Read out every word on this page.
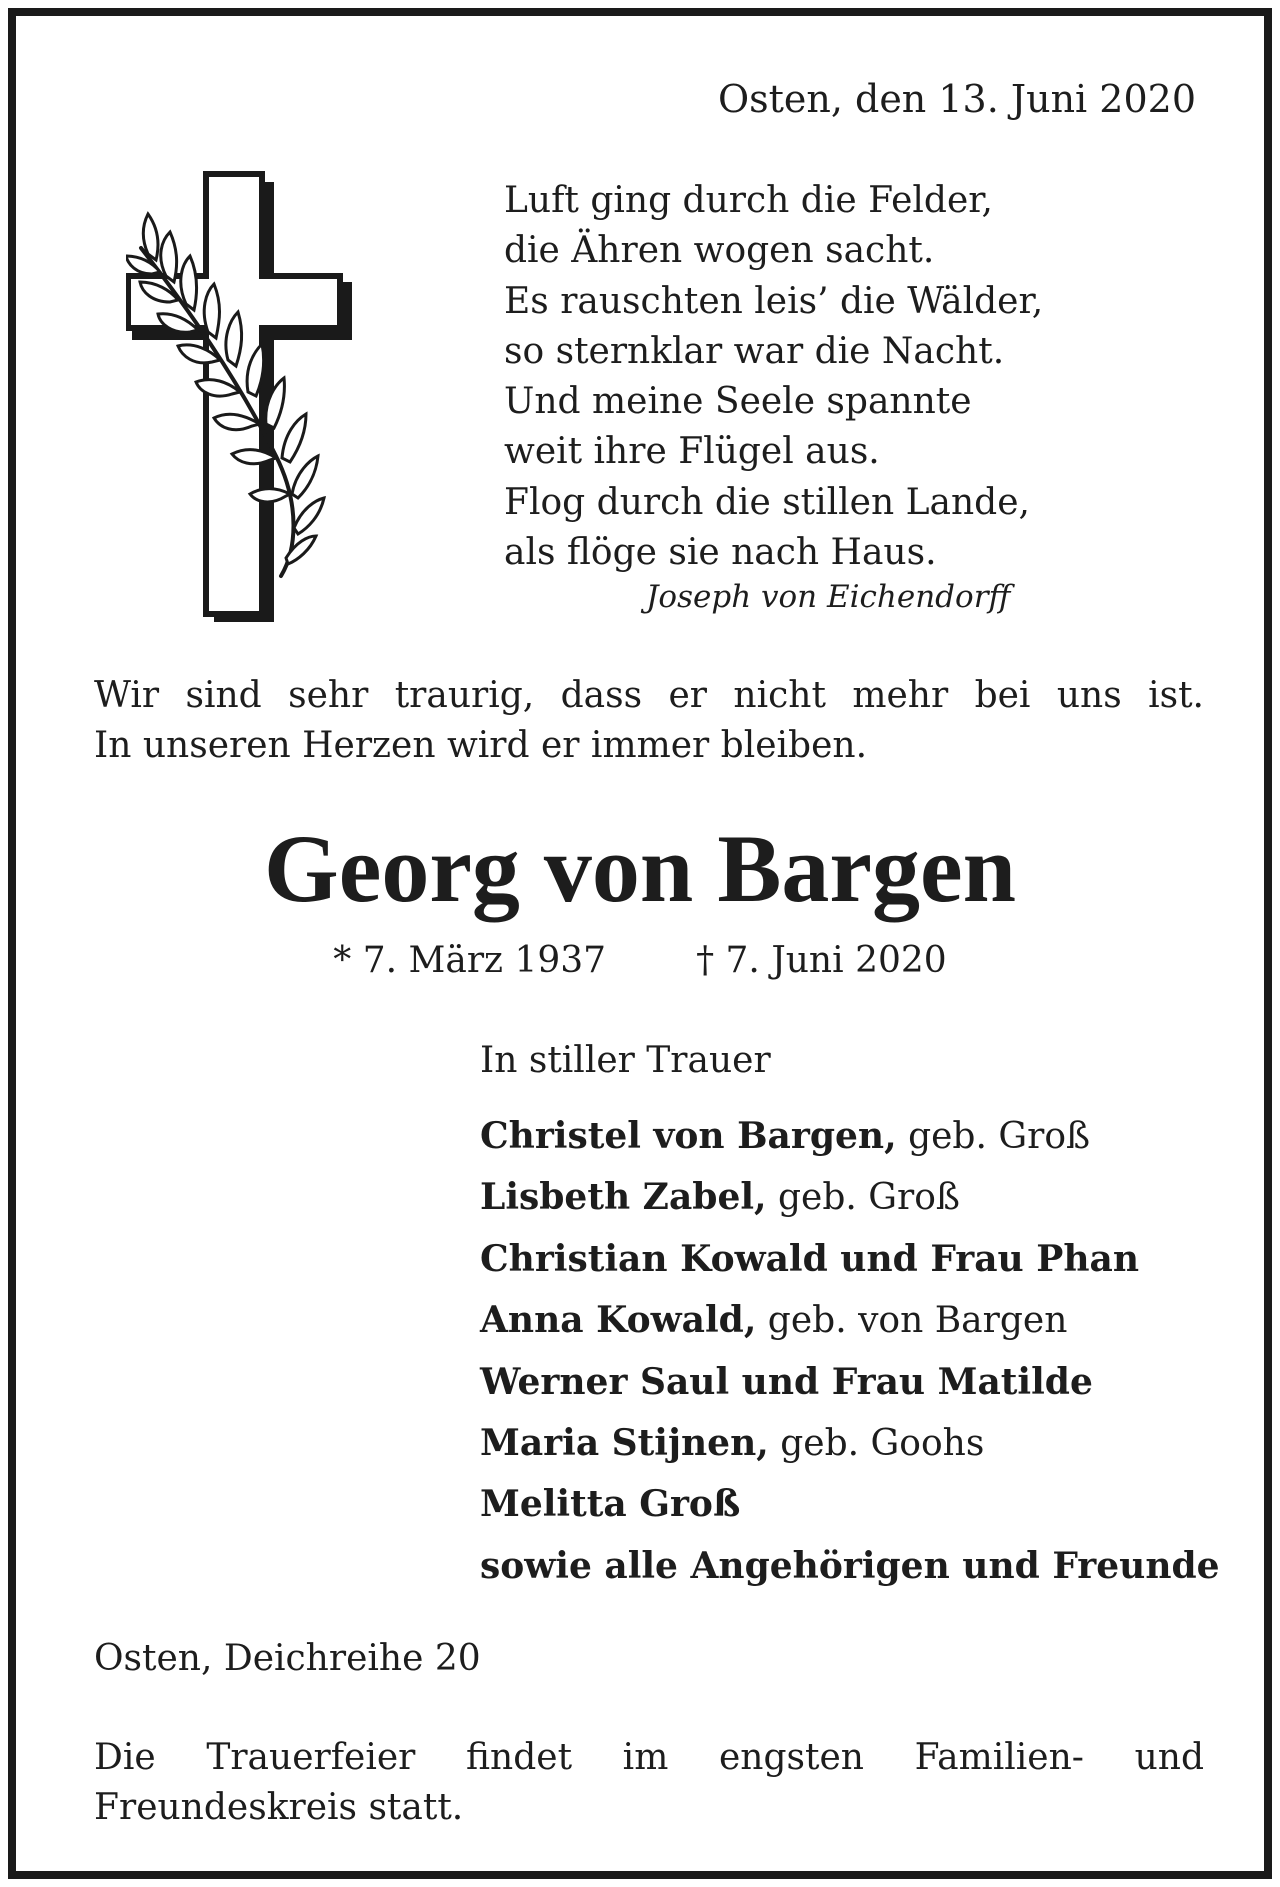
Osten, den 13. Juni 2020
Luft ging durch die Felder,
die Ähren wogen sacht.
Es rauschten leis’ die Wälder,
so sternklar war die Nacht.
Und meine Seele spannte
weit ihre Flügel aus.
Flog durch die stillen Lande,
als flöge sie nach Haus.
Joseph von Eichendorff
Wir sind sehr traurig, dass er nicht mehr bei uns ist.
In unseren Herzen wird er immer bleiben.
Georg von Bargen
* 7. März 1937	† 7. Juni 2020
In stiller Trauer
Christel von Bargen, geb. Groß
Lisbeth Zabel, geb. Groß
Christian Kowald und Frau Phan
Anna Kowald, geb. von Bargen
Werner Saul und Frau Matilde
Maria Stijnen, geb. Goohs
Melitta Groß
sowie alle Angehörigen und Freunde
Osten, Deichreihe 20
Die Trauerfeier findet im engsten Familien- und
Freundeskreis statt.
